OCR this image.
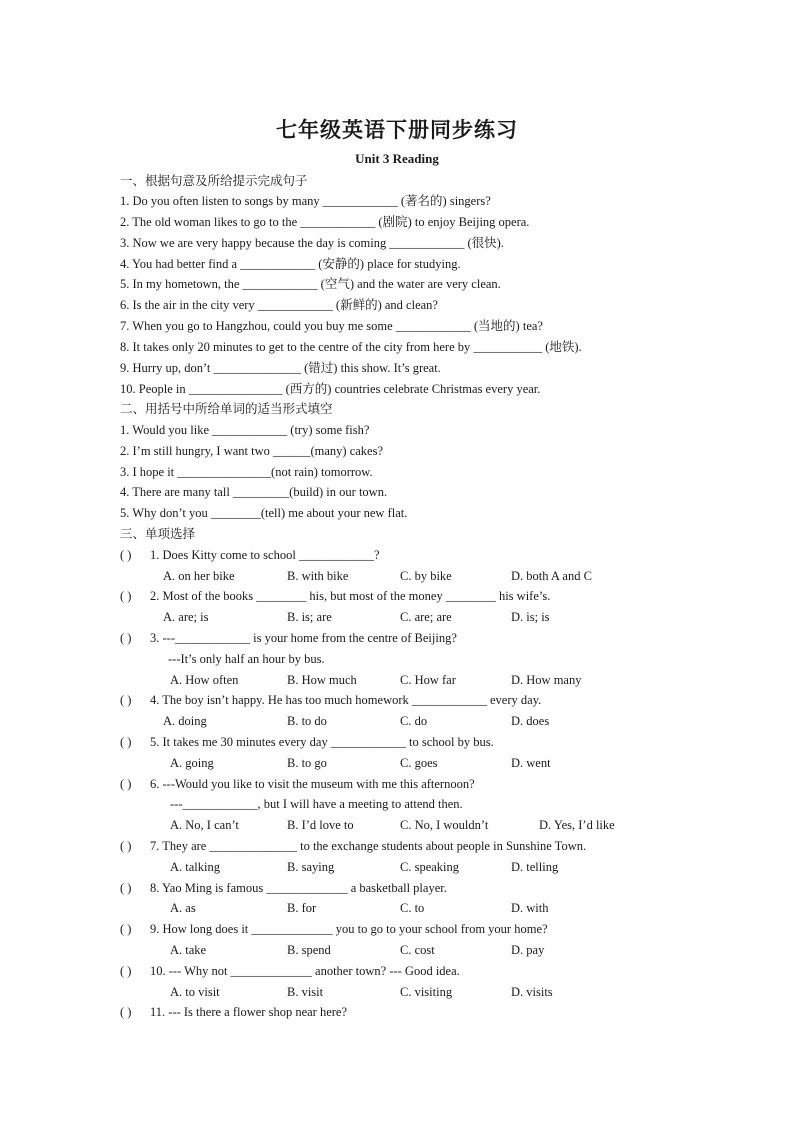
七年级英语下册同步练习
Unit 3 Reading
一、根据句意及所给提示完成句子
1. Do you often listen to songs by many ____________ (著名的) singers?
2. The old woman likes to go to the ____________ (剧院) to enjoy Beijing opera.
3. Now we are very happy because the day is coming ____________ (很快).
4. You had better find a ____________ (安静的) place for studying.
5. In my hometown, the ____________ (空气) and the water are very clean.
6. Is the air in the city very ____________ (新鲜的) and clean?
7. When you go to Hangzhou, could you buy me some ____________ (当地的) tea?
8. It takes only 20 minutes to get to the centre of the city from here by ___________ (地铁).
9. Hurry up, don’t ______________ (错过) this show. It’s great.
10. People in _______________ (西方的) countries celebrate Christmas every year.
二、用括号中所给单词的适当形式填空
1. Would you like ____________ (try) some fish?
2. I’m still hungry, I want two ______(many) cakes?
3. I hope it _______________(not rain) tomorrow.
4. There are many tall _________(build) in our town.
5. Why don’t you ________(tell) me about your new flat.
三、单项选择
( ) 1. Does Kitty come to school ____________?
A. on her bike	B. with bike	C. by bike	D. both A and C
( ) 2. Most of the books ________ his, but most of the money ________ his wife’s.
A. are; is	B. is; are	C. are; are	D. is; is
( ) 3. ---____________ is your home from the centre of Beijing?
---It’s only half an hour by bus.
A. How often	B. How much	C. How far	D. How many
( ) 4. The boy isn’t happy. He has too much homework ____________ every day.
A. doing	B. to do	C. do	D. does
( ) 5. It takes me 30 minutes every day ____________ to school by bus.
A. going	B. to go	C. goes	D. went
( ) 6. ---Would you like to visit the museum with me this afternoon?
---____________, but I will have a meeting to attend then.
A. No, I can’t	B. I’d love to	C. No, I wouldn’t	D. Yes, I’d like
( ) 7. They are ______________ to the exchange students about people in Sunshine Town.
A. talking	B. saying	C. speaking	D. telling
( ) 8. Yao Ming is famous _____________ a basketball player.
A. as	B. for	C. to	D. with
( ) 9. How long does it _____________ you to go to your school from your home?
A. take	B. spend	C. cost	D. pay
( ) 10. --- Why not _____________ another town? --- Good idea.
A. to visit	B. visit	C. visiting	D. visits
( ) 11. --- Is there a flower shop near here?
